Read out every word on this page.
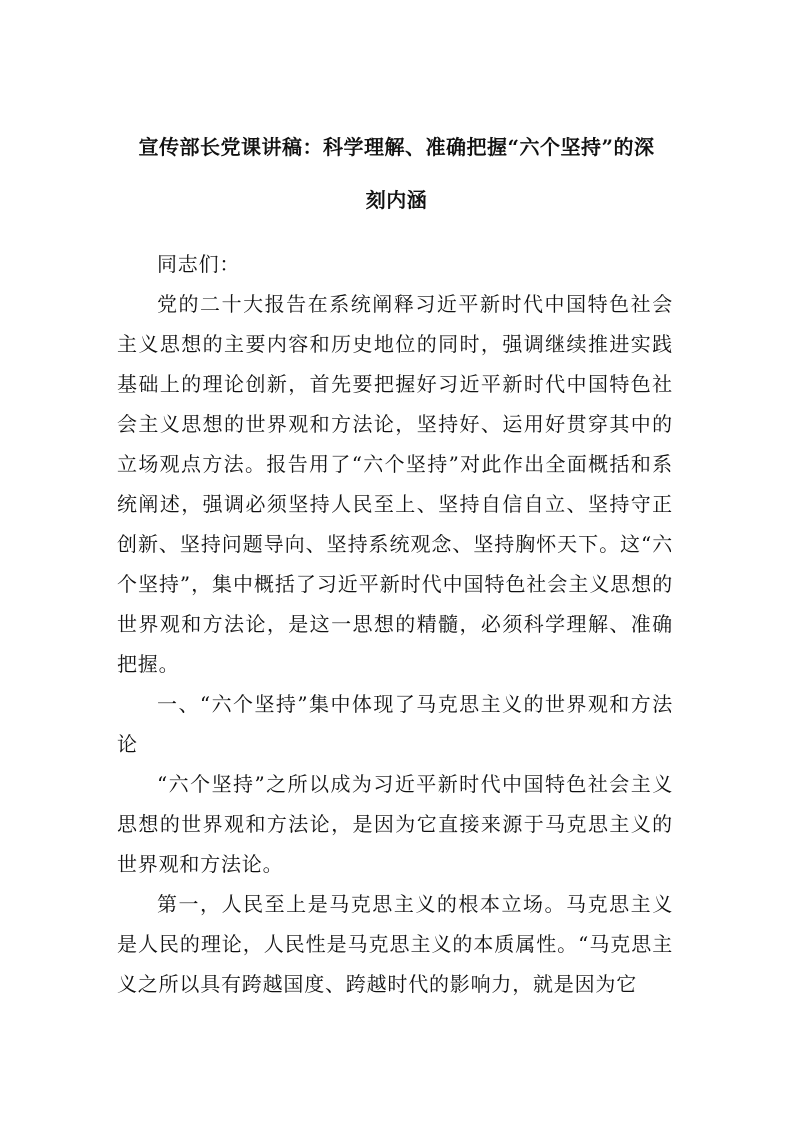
宣传部长党课讲稿：科学理解、准确把握“六个坚持”的深
刻内涵

同志们：

党的二十大报告在系统阐释习近平新时代中国特色社会主义思想的主要内容和历史地位的同时，强调继续推进实践基础上的理论创新，首先要把握好习近平新时代中国特色社会主义思想的世界观和方法论，坚持好、运用好贯穿其中的立场观点方法。报告用了“六个坚持”对此作出全面概括和系统阐述，强调必须坚持人民至上、坚持自信自立、坚持守正创新、坚持问题导向、坚持系统观念、坚持胸怀天下。这“六个坚持”，集中概括了习近平新时代中国特色社会主义思想的世界观和方法论，是这一思想的精髓，必须科学理解、准确把握。

一、“六个坚持”集中体现了马克思主义的世界观和方法论

“六个坚持”之所以成为习近平新时代中国特色社会主义思想的世界观和方法论，是因为它直接来源于马克思主义的世界观和方法论。

第一，人民至上是马克思主义的根本立场。马克思主义是人民的理论，人民性是马克思主义的本质属性。“马克思主义之所以具有跨越国度、跨越时代的影响力，就是因为它
